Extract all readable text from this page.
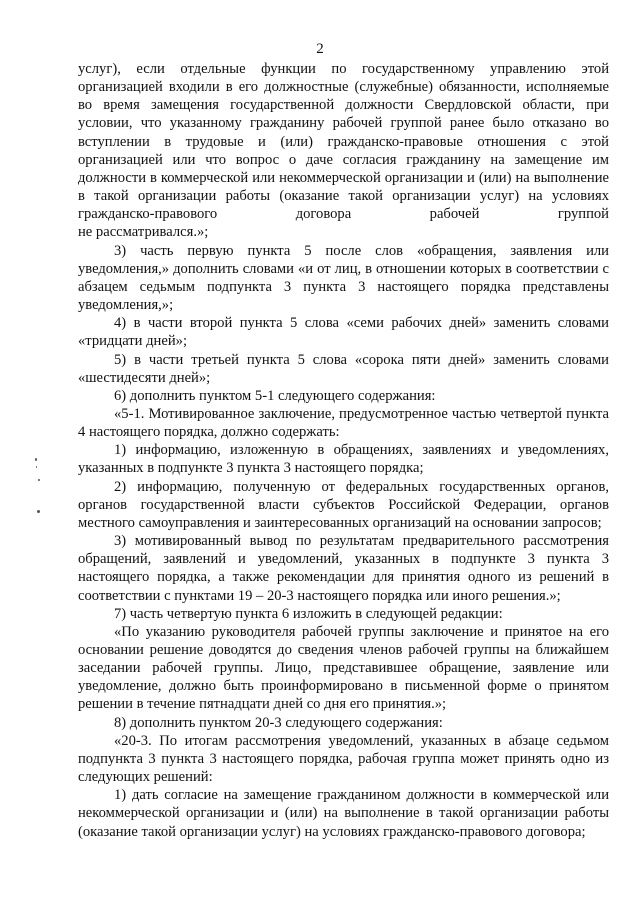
2

услуг), если отдельные функции по государственному управлению этой организацией входили в его должностные (служебные) обязанности, исполняемые во время замещения государственной должности Свердловской области, при условии, что указанному гражданину рабочей группой ранее было отказано во вступлении в трудовые и (или) гражданско-правовые отношения с этой организацией или что вопрос о даче согласия гражданину на замещение им должности в коммерческой или некоммерческой организации и (или) на выполнение в такой организации работы (оказание такой организации услуг) на условиях гражданско-правового договора рабочей группой

не рассматривался.»;

3) часть первую пункта 5 после слов «обращения, заявления или уведомления,» дополнить словами «и от лиц, в отношении которых в соответствии с абзацем седьмым подпункта 3 пункта 3 настоящего порядка представлены уведомления,»;

4) в части второй пункта 5 слова «семи рабочих дней» заменить словами «тридцати дней»;

5) в части третьей пункта 5 слова «сорока пяти дней» заменить словами «шестидесяти дней»;

6) дополнить пунктом 5-1 следующего содержания:

«5-1. Мотивированное заключение, предусмотренное частью четвертой пункта 4 настоящего порядка, должно содержать:

1) информацию, изложенную в обращениях, заявлениях и уведомлениях, указанных в подпункте 3 пункта 3 настоящего порядка;

2) информацию, полученную от федеральных государственных органов, органов государственной власти субъектов Российской Федерации, органов местного самоуправления и заинтересованных организаций на основании запросов;

3) мотивированный вывод по результатам предварительного рассмотрения обращений, заявлений и уведомлений, указанных в подпункте 3 пункта 3 настоящего порядка, а также рекомендации для принятия одного из решений в соответствии с пунктами 19 – 20-3 настоящего порядка или иного решения.»;

7) часть четвертую пункта 6 изложить в следующей редакции:

«По указанию руководителя рабочей группы заключение и принятое на его основании решение доводятся до сведения членов рабочей группы на ближайшем заседании рабочей группы. Лицо, представившее обращение, заявление или уведомление, должно быть проинформировано в письменной форме о принятом решении в течение пятнадцати дней со дня его принятия.»;

8) дополнить пунктом 20-3 следующего содержания:

«20-3. По итогам рассмотрения уведомлений, указанных в абзаце седьмом подпункта 3 пункта 3 настоящего порядка, рабочая группа может принять одно из следующих решений:

1) дать согласие на замещение гражданином должности в коммерческой или некоммерческой организации и (или) на выполнение в такой организации работы (оказание такой организации услуг) на условиях гражданско-правового договора;
